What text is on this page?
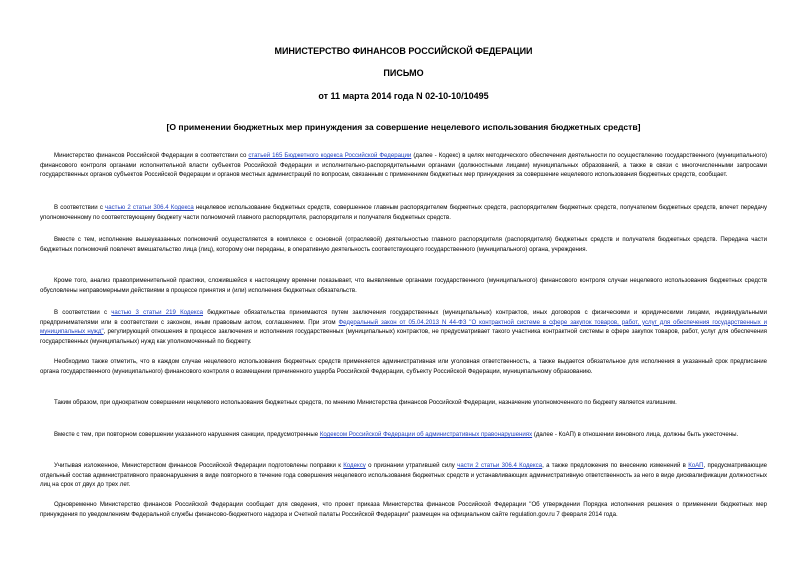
МИНИСТЕРСТВО ФИНАНСОВ РОССИЙСКОЙ ФЕДЕРАЦИИ
ПИСЬМО
от 11 марта 2014 года N 02-10-10/10495
[О применении бюджетных мер принуждения за совершение нецелевого использования бюджетных средств]

Министерство финансов Российской Федерации в соответствии со статьей 165 Бюджетного кодекса Российской Федерации (далее - Кодекс) в целях методического обеспечения деятельности по осуществлению государственного (муниципального) финансового контроля органами исполнительной власти субъектов Российской Федерации и исполнительно-распорядительными органами (должностными лицами) муниципальных образований, а также в связи с многочисленными запросами государственных органов субъектов Российской Федерации и органов местных администраций по вопросам, связанным с применением бюджетных мер принуждения за совершение нецелевого использования бюджетных средств, сообщает.

В соответствии с частью 2 статьи 306.4 Кодекса нецелевое использование бюджетных средств, совершенное главным распорядителем бюджетных средств, распорядителем бюджетных средств, получателем бюджетных средств, влечет передачу уполномоченному по соответствующему бюджету части полномочий главного распорядителя, распорядителя и получателя бюджетных средств.

Вместе с тем, исполнение вышеуказанных полномочий осуществляется в комплексе с основной (отраслевой) деятельностью главного распорядителя (распорядителя) бюджетных средств и получателя бюджетных средств. Передача части бюджетных полномочий повлечет вмешательство лица (лиц), которому они переданы, в оперативную деятельность соответствующего государственного (муниципального) органа, учреждения.

Кроме того, анализ правоприменительной практики, сложившейся к настоящему времени показывает, что выявляемые органами государственного (муниципального) финансового контроля случаи нецелевого использования бюджетных средств обусловлены неправомерными действиями в процессе принятия и (или) исполнения бюджетных обязательств.

В соответствии с частью 3 статьи 219 Кодекса бюджетные обязательства принимаются путем заключения государственных (муниципальных) контрактов, иных договоров с физическими и юридическими лицами, индивидуальными предпринимателями или в соответствии с законом, иным правовым актом, соглашением. При этом Федеральный закон от 05.04.2013 N 44-ФЗ "О контрактной системе в сфере закупок товаров, работ, услуг для обеспечения государственных и муниципальных нужд", регулирующий отношения в процессе заключения и исполнения государственных (муниципальных) контрактов, не предусматривает такого участника контрактной системы в сфере закупок товаров, работ, услуг для обеспечения государственных (муниципальных) нужд как уполномоченный по бюджету.

Необходимо также отметить, что в каждом случае нецелевого использования бюджетных средств применяется административная или уголовная ответственность, а также выдается обязательное для исполнения в указанный срок предписание органа государственного (муниципального) финансового контроля о возмещении причиненного ущерба Российской Федерации, субъекту Российской Федерации, муниципальному образованию.

Таким образом, при однократном совершении нецелевого использования бюджетных средств, по мнению Министерства финансов Российской Федерации, назначение уполномоченного по бюджету является излишним.

Вместе с тем, при повторном совершении указанного нарушения санкции, предусмотренные Кодексом Российской Федерации об административных правонарушениях (далее - КоАП) в отношении виновного лица, должны быть ужесточены.

Учитывая изложенное, Министерством финансов Российской Федерации подготовлены поправки к Кодексу о признании утратившей силу части 2 статьи 306.4 Кодекса, а также предложения по внесению изменений в КоАП, предусматривающие отдельный состав административного правонарушения в виде повторного в течение года совершения нецелевого использования бюджетных средств и устанавливающих административную ответственность за него в виде дисквалификации должностных лиц на срок от двух до трех лет.

Одновременно Министерство финансов Российской Федерации сообщает для сведения, что проект приказа Министерства финансов Российской Федерации "Об утверждении Порядка исполнения решения о применении бюджетных мер принуждения по уведомлениям Федеральной службы финансово-бюджетного надзора и Счетной палаты Российской Федерации" размещен на официальном сайте regulation.gov.ru 7 февраля 2014 года.
